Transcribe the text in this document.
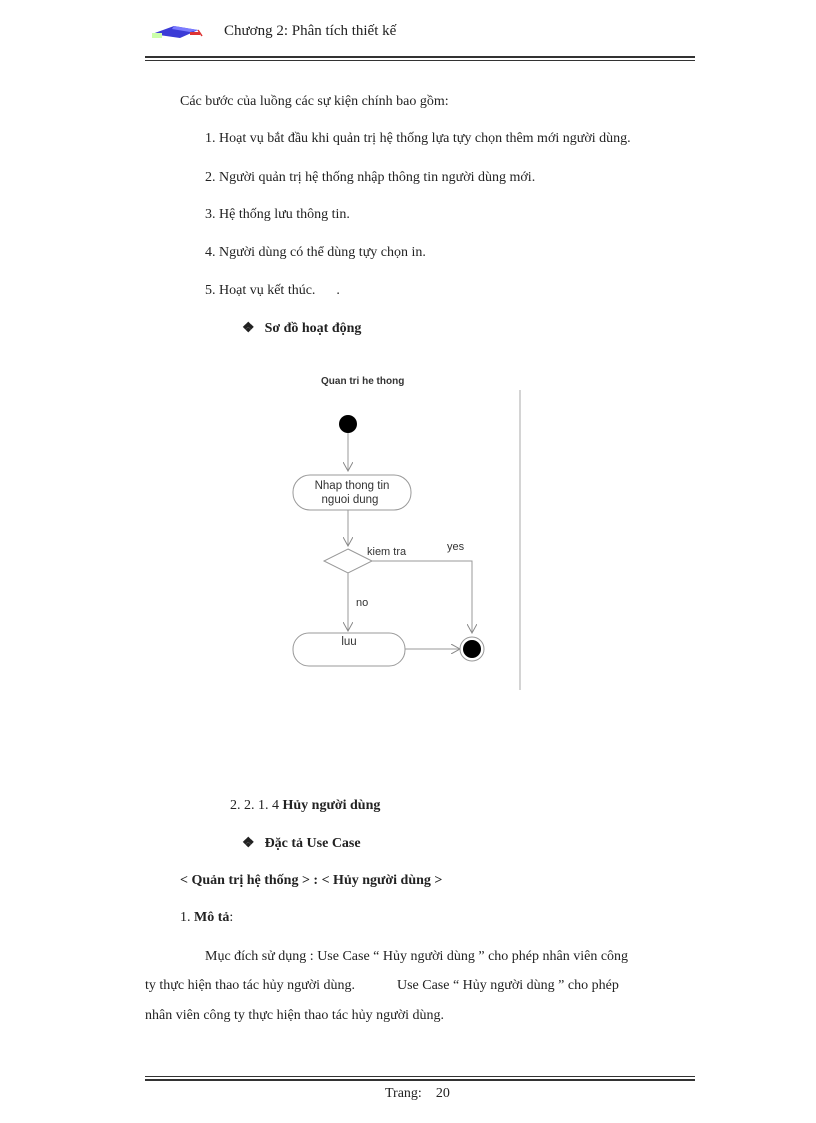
Chương 2: Phân tích thiết kế
Các bước của luồng các sự kiện chính bao gồm:
1. Hoạt vụ bắt đầu khi quản trị hệ thống lựa tựy chọn thêm mới người dùng.
2. Người quản trị hệ thống nhập thông tin người dùng mới.
3. Hệ thống lưu thông tin.
4. Người dùng có thể dùng tựy chọn in.
5. Hoạt vụ kết thúc.      .
❖ Sơ đồ hoạt động
Quan tri he thong
Nhap thong tin
nguoi dung
kiem tra	yes
no
luu
2. 2. 1. 4 Hủy người dùng
❖ Đặc tả Use Case
< Quản trị hệ thống > : < Hủy người dùng >
1. Mô tả:
Mục đích sử dụng : Use Case “ Hủy người dùng ” cho phép nhân viên công
ty thực hiện thao tác hủy người dùng.            Use Case “ Hủy người dùng ” cho phép
nhân viên công ty thực hiện thao tác hủy người dùng.
Trang:    20
